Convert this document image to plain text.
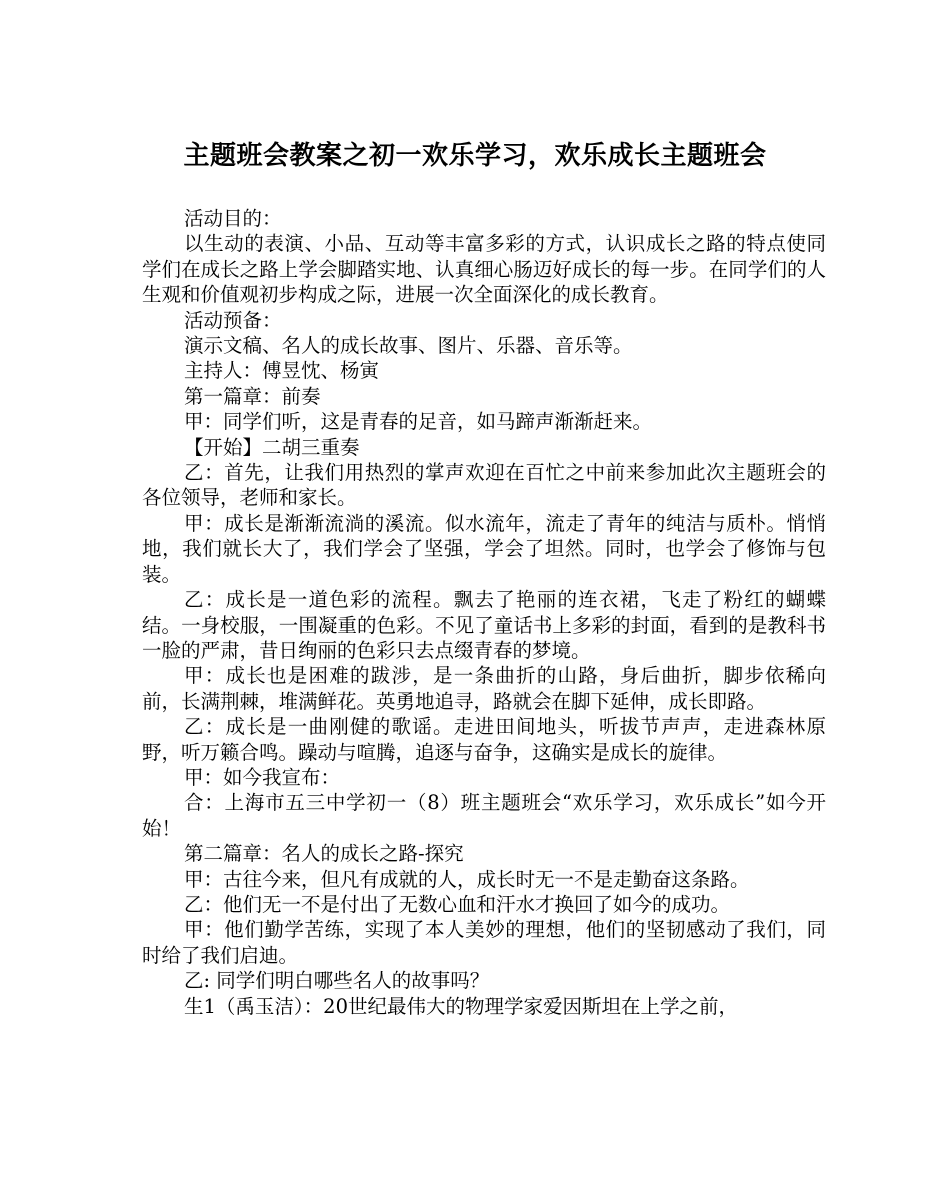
主题班会教案之初一欢乐学习，欢乐成长主题班会

活动目的：

以生动的表演、小品、互动等丰富多彩的方式，认识成长之路的特点使同学们在成长之路上学会脚踏实地、认真细心肠迈好成长的每一步。在同学们的人生观和价值观初步构成之际，进展一次全面深化的成长教育。

活动预备：

演示文稿、名人的成长故事、图片、乐器、音乐等。

主持人：傅昱忱、杨寅

第一篇章：前奏

甲：同学们听，这是青春的足音，如马蹄声渐渐赶来。

【开始】二胡三重奏

乙：首先，让我们用热烈的掌声欢迎在百忙之中前来参加此次主题班会的各位领导，老师和家长。

甲：成长是渐渐流淌的溪流。似水流年，流走了青年的纯洁与质朴。悄悄地，我们就长大了，我们学会了坚强，学会了坦然。同时，也学会了修饰与包装。

乙：成长是一道色彩的流程。飘去了艳丽的连衣裙，飞走了粉红的蝴蝶结。一身校服，一围凝重的色彩。不见了童话书上多彩的封面，看到的是教科书一脸的严肃，昔日绚丽的色彩只去点缀青春的梦境。

甲：成长也是困难的跋涉，是一条曲折的山路，身后曲折，脚步依稀向前，长满荆棘，堆满鲜花。英勇地追寻，路就会在脚下延伸，成长即路。

乙：成长是一曲刚健的歌谣。走进田间地头，听拔节声声，走进森林原野，听万籁合鸣。躁动与喧腾，追逐与奋争，这确实是成长的旋律。

甲：如今我宣布：

合：上海市五三中学初一（8）班主题班会“欢乐学习，欢乐成长”如今开始！

第二篇章：名人的成长之路-探究

甲：古往今来，但凡有成就的人，成长时无一不是走勤奋这条路。

乙：他们无一不是付出了无数心血和汗水才换回了如今的成功。

甲：他们勤学苦练，实现了本人美妙的理想，他们的坚韧感动了我们，同时给了我们启迪。

乙: 同学们明白哪些名人的故事吗？

生1（禹玉洁）：20世纪最伟大的物理学家爱因斯坦在上学之前，
